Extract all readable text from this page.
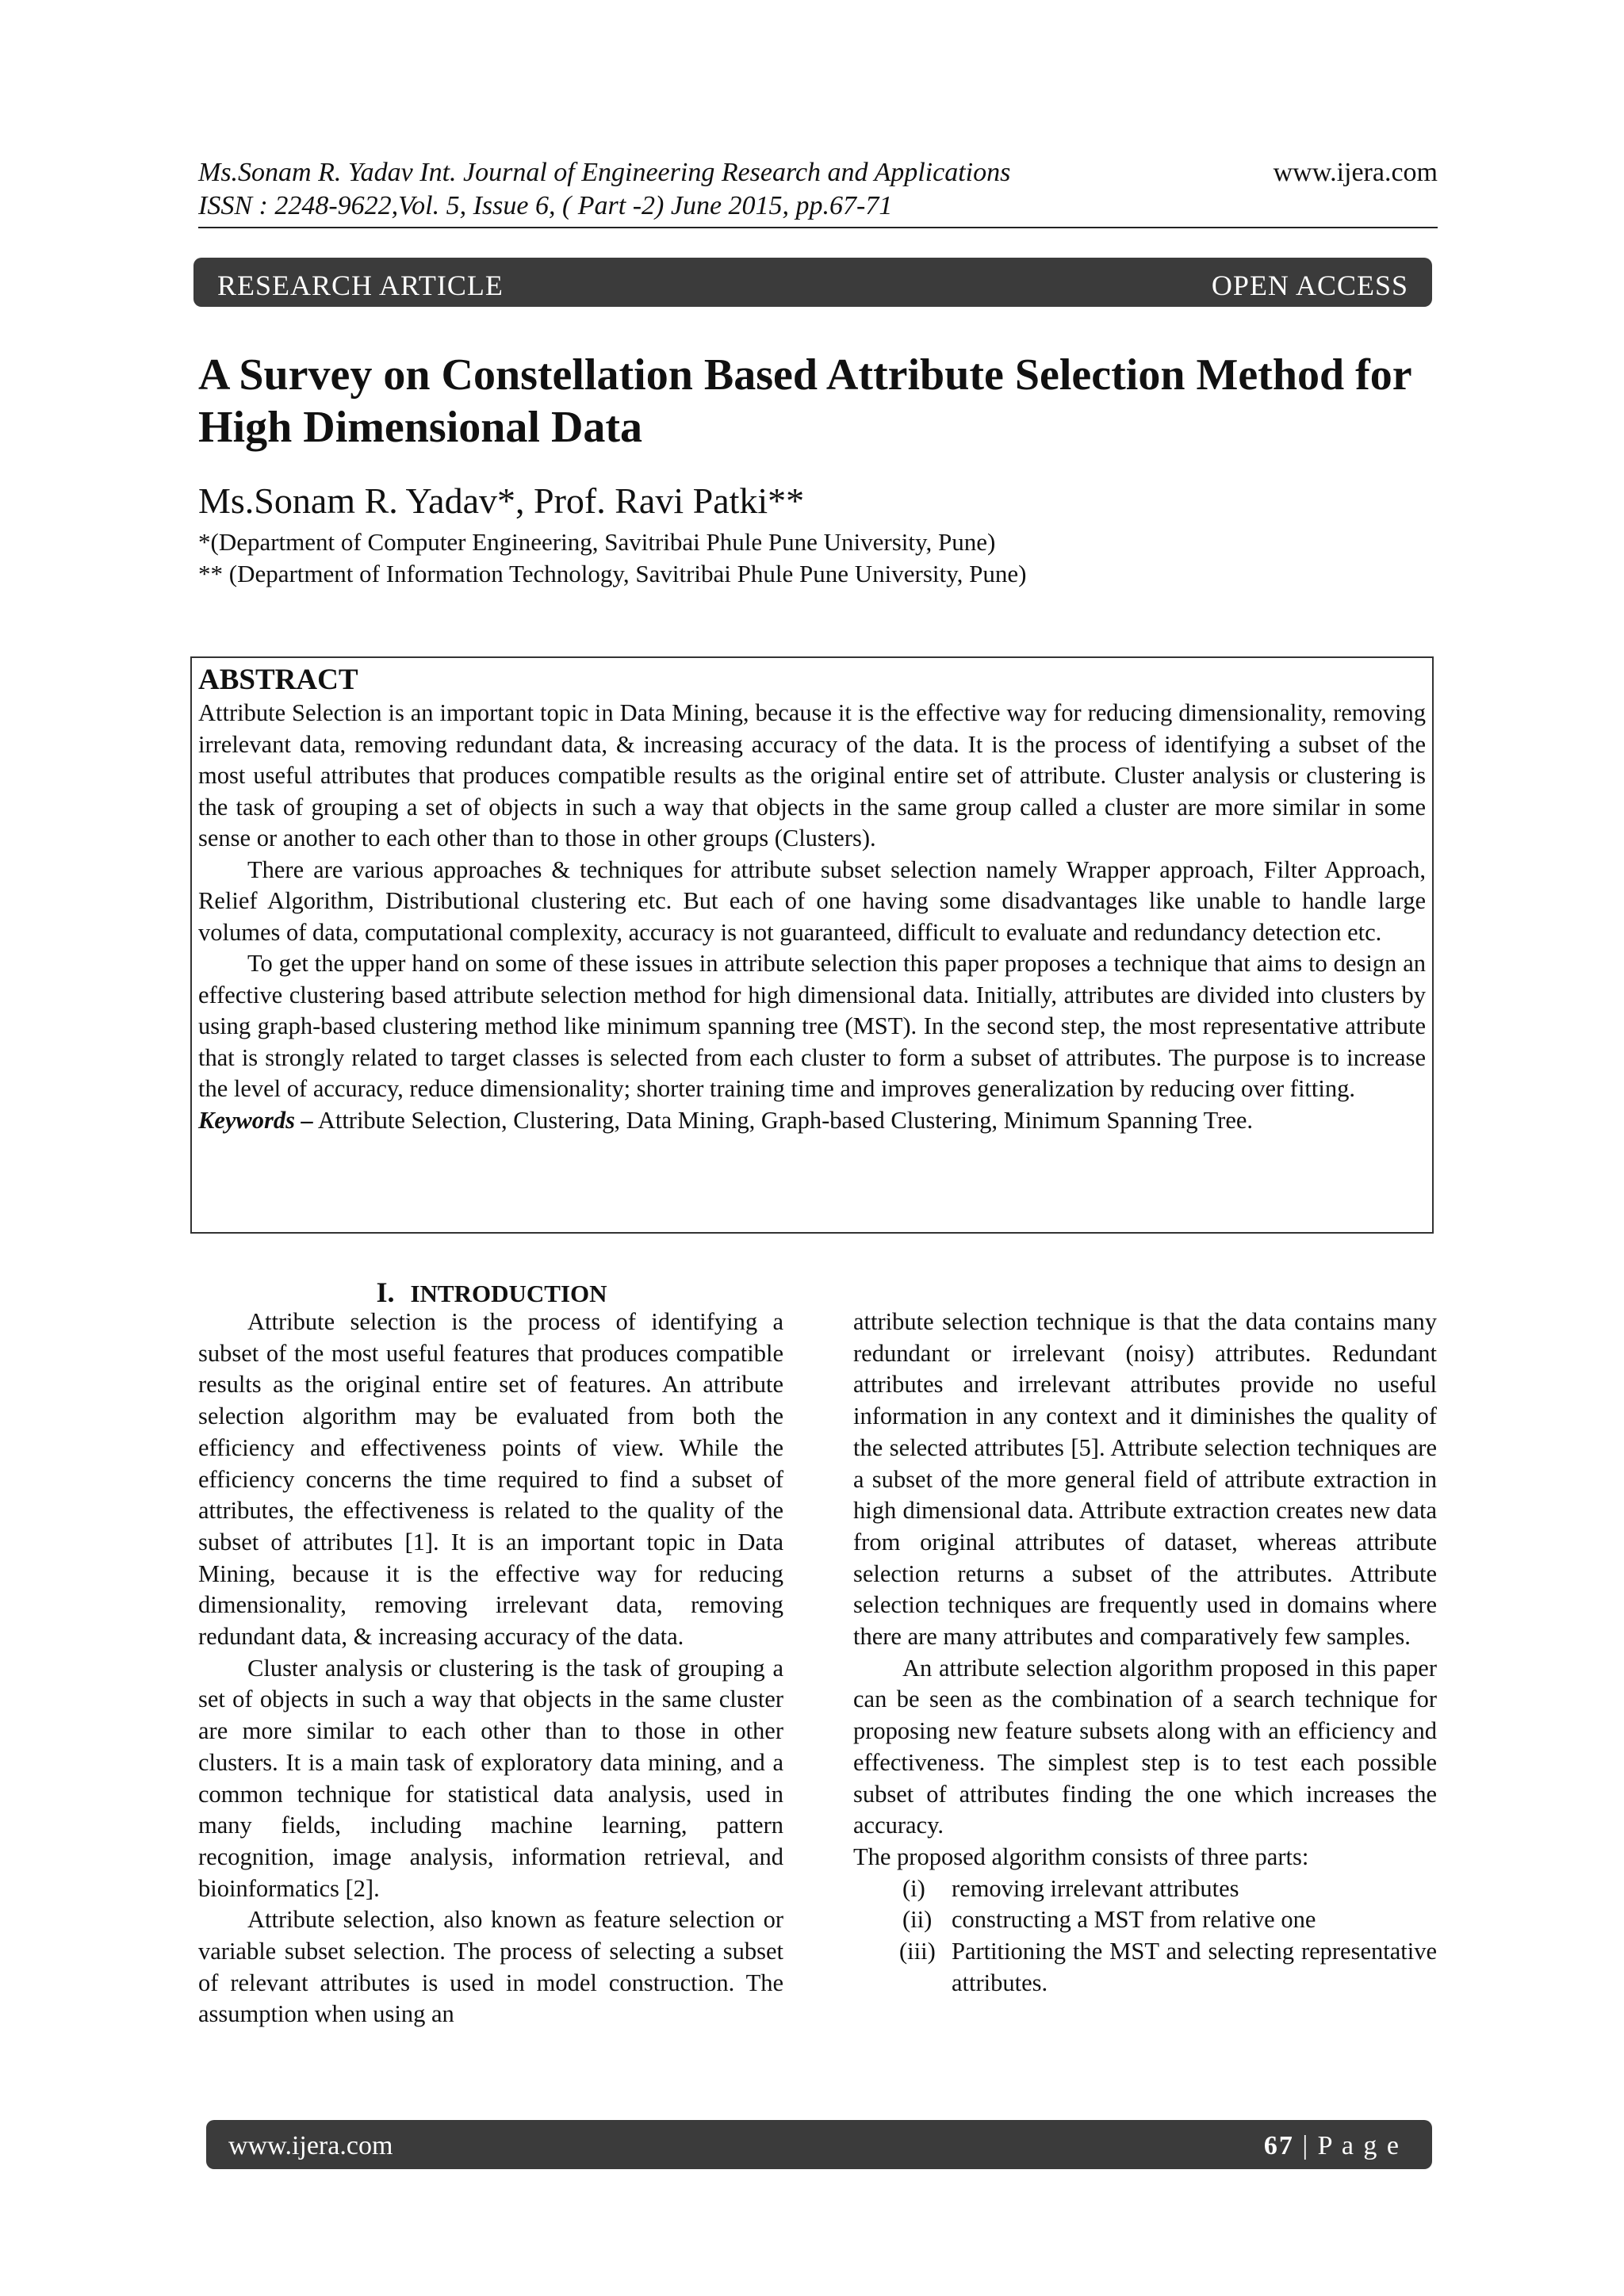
Ms.Sonam R. Yadav Int. Journal of Engineering Research and Applications
ISSN : 2248-9622,Vol. 5, Issue 6, ( Part -2) June 2015, pp.67-71
www.ijera.com
RESEARCH ARTICLE	OPEN ACCESS
A Survey on Constellation Based Attribute Selection Method for High Dimensional Data
Ms.Sonam R. Yadav*, Prof. Ravi Patki**
*(Department of Computer Engineering, Savitribai Phule Pune University, Pune)
** (Department of Information Technology, Savitribai Phule Pune University, Pune)
ABSTRACT

Attribute Selection is an important topic in Data Mining, because it is the effective way for reducing dimensionality, removing irrelevant data, removing redundant data, & increasing accuracy of the data. It is the process of identifying a subset of the most useful attributes that produces compatible results as the original entire set of attribute. Cluster analysis or clustering is the task of grouping a set of objects in such a way that objects in the same group called a cluster are more similar in some sense or another to each other than to those in other groups (Clusters).

There are various approaches & techniques for attribute subset selection namely Wrapper approach, Filter Approach, Relief Algorithm, Distributional clustering etc. But each of one having some disadvantages like unable to handle large volumes of data, computational complexity, accuracy is not guaranteed, difficult to evaluate and redundancy detection etc.

To get the upper hand on some of these issues in attribute selection this paper proposes a technique that aims to design an effective clustering based attribute selection method for high dimensional data. Initially, attributes are divided into clusters by using graph-based clustering method like minimum spanning tree (MST). In the second step, the most representative attribute that is strongly related to target classes is selected from each cluster to form a subset of attributes. The purpose is to increase the level of accuracy, reduce dimensionality; shorter training time and improves generalization by reducing over fitting.

Keywords – Attribute Selection, Clustering, Data Mining, Graph-based Clustering, Minimum Spanning Tree.

I. INTRODUCTION

Attribute selection is the process of identifying a subset of the most useful features that produces compatible results as the original entire set of features. An attribute selection algorithm may be evaluated from both the efficiency and effectiveness points of view. While the efficiency concerns the time required to find a subset of attributes, the effectiveness is related to the quality of the subset of attributes [1]. It is an important topic in Data Mining, because it is the effective way for reducing dimensionality, removing irrelevant data, removing redundant data, & increasing accuracy of the data.

Cluster analysis or clustering is the task of grouping a set of objects in such a way that objects in the same cluster are more similar to each other than to those in other clusters. It is a main task of exploratory data mining, and a common technique for statistical data analysis, used in many fields, including machine learning, pattern recognition, image analysis, information retrieval, and bioinformatics [2].

Attribute selection, also known as feature selection or variable subset selection. The process of selecting a subset of relevant attributes is used in model construction. The assumption when using an

attribute selection technique is that the data contains many redundant or irrelevant (noisy) attributes. Redundant attributes and irrelevant attributes provide no useful information in any context and it diminishes the quality of the selected attributes [5]. Attribute selection techniques are a subset of the more general field of attribute extraction in high dimensional data. Attribute extraction creates new data from original attributes of dataset, whereas attribute selection returns a subset of the attributes. Attribute selection techniques are frequently used in domains where there are many attributes and comparatively few samples.

An attribute selection algorithm proposed in this paper can be seen as the combination of a search technique for proposing new feature subsets along with an efficiency and effectiveness. The simplest step is to test each possible subset of attributes finding the one which increases the accuracy.

The proposed algorithm consists of three parts:

(i) removing irrelevant attributes
(ii) constructing a MST from relative one
(iii) Partitioning the MST and selecting representative attributes.
www.ijera.com	67 | P a g e
